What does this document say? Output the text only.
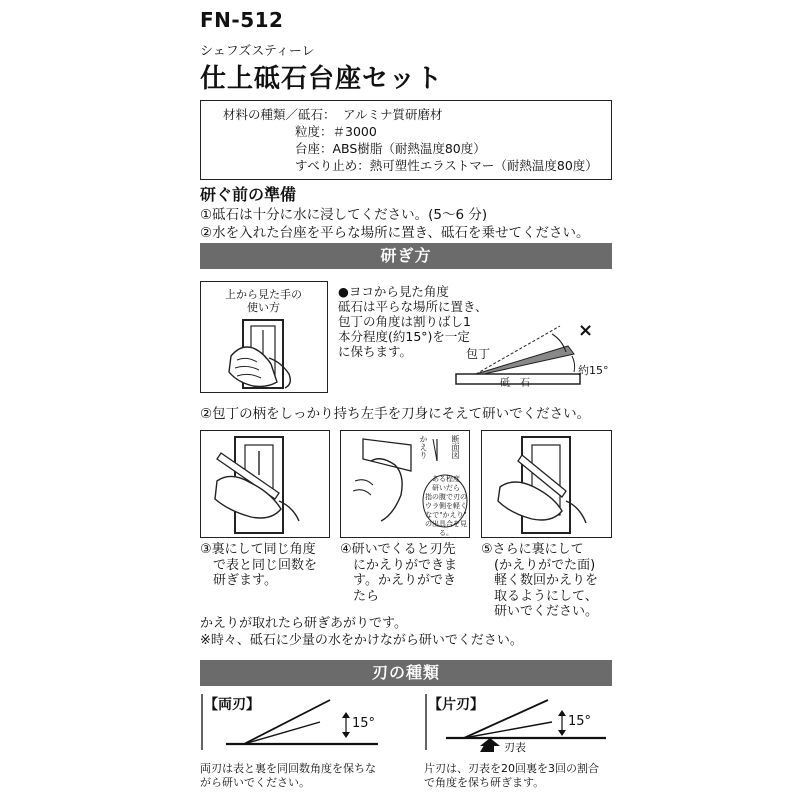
FN-512
シェフズスティーレ
仕上砥石台座セット
材料の種類／砥石： アルミナ質研磨材
粒度：＃3000
台座：ABS樹脂（耐熱温度80度）
すべり止め：熱可塑性エラストマー（耐熱温度80度）
研ぐ前の準備
①砥石は十分に水に浸してください。(5〜6 分)
②水を入れた台座を平らな場所に置き、砥石を乗せてください。
研ぎ方
上から見た手の
使い方
●ヨコから見た角度
砥石は平らな場所に置き、
包丁の角度は割りばし1
本分程度(約15°)を一定
に保ちます。
×
包丁
約15°
砥　石
②包丁の柄をしっかり持ち左手を刀身にそえて研いでください。
かえり	断面図
ある程度
研いだら
指の腹で刃の
ウラ側を軽く
なで"かえり"
の出具合を見る。
③裏にして同じ角度
　で表と同じ回数を
　研ぎます。
④研いでくると刃先
　にかえりができま
　す。かえりができ
　たら
⑤さらに裏にして
　(かえりがでた面)
　軽く数回かえりを
　取るようにして、
　研いでください。
かえりが取れたら研ぎあがりです。
※時々、砥石に少量の水をかけながら研いでください。
刃の種類
【両刃】
15°
両刃は表と裏を同回数角度を保ちな
がら研いでください。
【片刃】
15°
刃表
片刃は、刃表を20回裏を3回の割合
で角度を保ち研ぎます。
